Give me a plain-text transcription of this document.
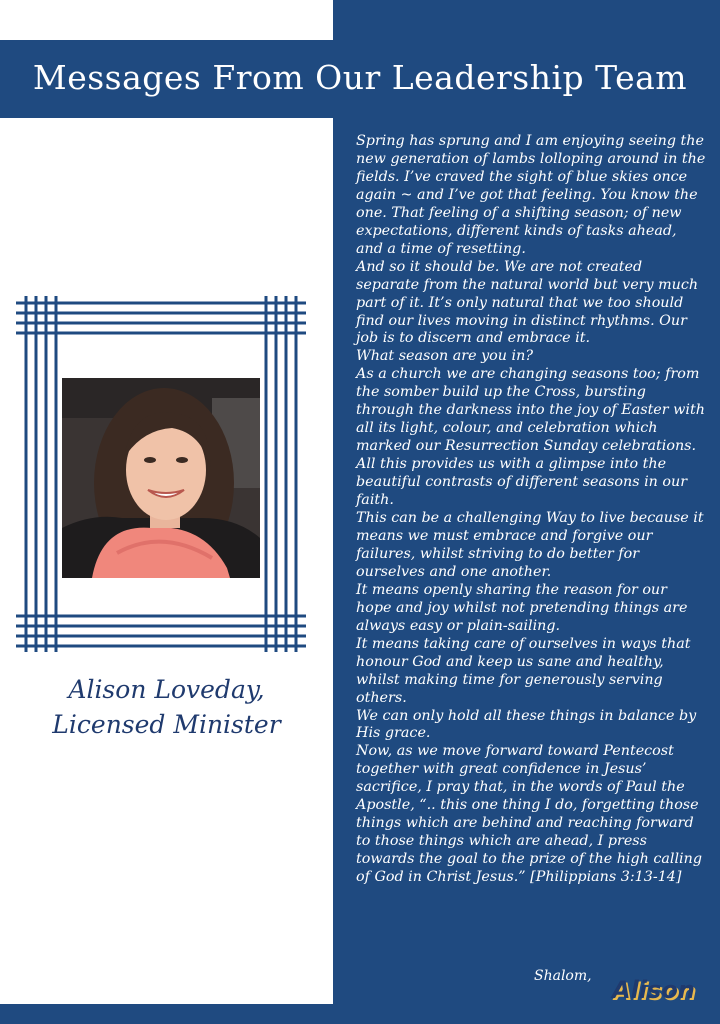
Messages From Our Leadership Team
Alison Loveday,
Licensed Minister

Spring has sprung and I am enjoying seeing the new generation of lambs lolloping around in the fields. I’ve craved the sight of blue skies once again ~ and I’ve got that feeling. You know the one. That feeling of a shifting season; of new expectations, different kinds of tasks ahead, and a time of resetting.

And so it should be. We are not created separate from the natural world but very much part of it. It’s only natural that we too should find our lives moving in distinct rhythms. Our job is to discern and embrace it.

What season are you in?

As a church we are changing seasons too; from the somber build up the Cross, bursting through the darkness into the joy of Easter with all its light, colour, and celebration which marked our Resurrection Sunday celebrations.

All this provides us with a glimpse into the beautiful contrasts of different seasons in our faith.

This can be a challenging Way to live because it means we must embrace and forgive our failures, whilst striving to do better for ourselves and one another.

It means openly sharing the reason for our hope and joy whilst not pretending things are always easy or plain-sailing.

It means taking care of ourselves in ways that honour God and keep us sane and healthy, whilst making time for generously serving others.

We can only hold all these things in balance by His grace.

Now, as we move forward toward Pentecost together with great confidence in Jesus’ sacrifice, I pray that, in the words of Paul the Apostle, “.. this one thing I do, forgetting those things which are behind and reaching forward to those things which are ahead, I press towards the goal to the prize of the high calling of God in Christ Jesus.” [Philippians 3:13-14]

Shalom, Alison
